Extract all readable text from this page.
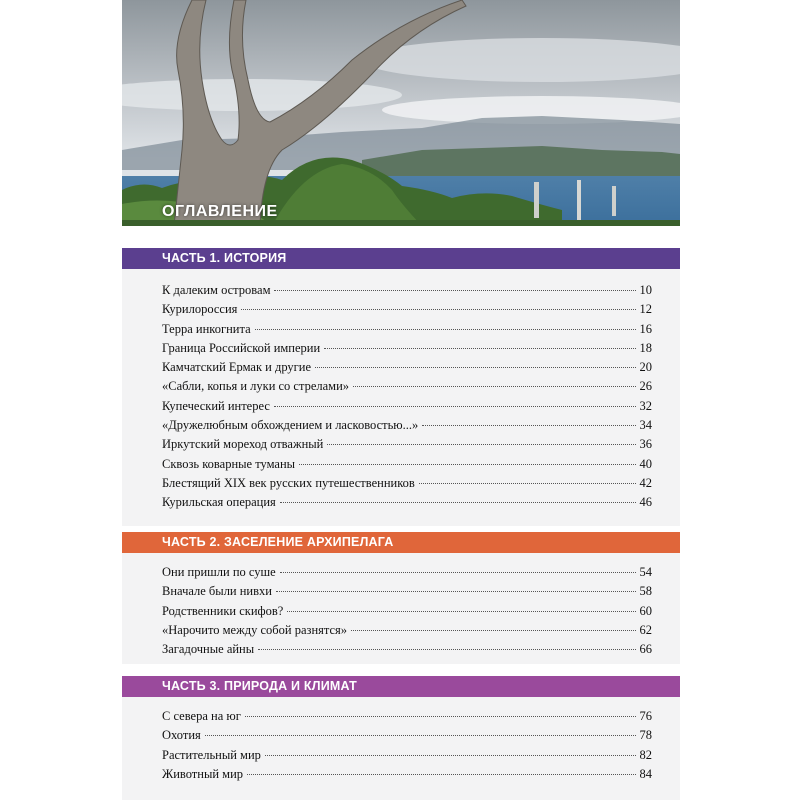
ОГЛАВЛЕНИЕ
ЧАСТЬ 1. ИСТОРИЯ
К далеким островам	10
Курилороссия	12
Терра инкогнита	16
Граница Российской империи	18
Камчатский Ермак и другие	20
«Сабли, копья и луки со стрелами»	26
Купеческий интерес	32
«Дружелюбным обхождением и ласковостью...»	34
Иркутский мореход отважный	36
Сквозь коварные туманы	40
Блестящий XIX век русских путешественников	42
Курильская операция	46
ЧАСТЬ 2. ЗАСЕЛЕНИЕ АРХИПЕЛАГА
Они пришли по суше	54
Вначале были нивхи	58
Родственники скифов?	60
«Нарочито между собой разнятся»	62
Загадочные айны	66
ЧАСТЬ 3. ПРИРОДА И КЛИМАТ
С севера на юг	76
Охотия	78
Растительный мир	82
Животный мир	84
